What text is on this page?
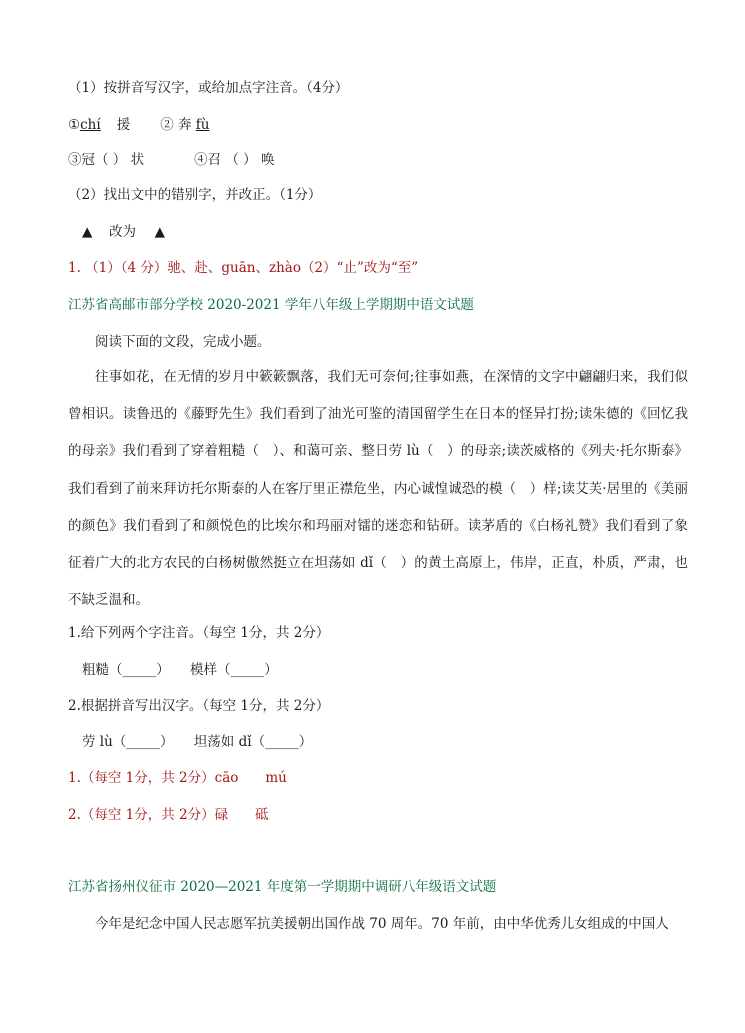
（1）按拼音写汉字，或给加点字注音。（4分）
①chí 援 ② 奔 fù
③冠（ ） 状	④召 （ ） 唤
（2）找出文中的错别字，并改正。（1分）
▲ 改为 ▲
1. （1）（4 分）驰、赴、guān、zhào（2）“止”改为“至”
江苏省高邮市部分学校 2020-2021 学年八年级上学期期中语文试题
阅读下面的文段，完成小题。
往事如花，在无情的岁月中簌簌飘落，我们无可奈何;往事如燕，在深情的文字中翩翩归来，我们似曾相识。读鲁迅的《藤野先生》我们看到了油光可鉴的清国留学生在日本的怪异打扮;读朱德的《回忆我的母亲》我们看到了穿着粗糙（　）、和蔼可亲、整日劳 lù（　）的母亲;读茨威格的《列夫·托尔斯泰》我们看到了前来拜访托尔斯泰的人在客厅里正襟危坐，内心诚惶诚恐的模（　）样;读艾芙·居里的《美丽的颜色》我们看到了和颜悦色的比埃尔和玛丽对镭的迷恋和钻研。读茅盾的《白杨礼赞》我们看到了象征着广大的北方农民的白杨树傲然挺立在坦荡如 dǐ（　）的黄土高原上，伟岸，正直，朴质，严肃，也不缺乏温和。
1.给下列两个字注音。（每空 1分，共 2分）
粗糙（_____）　　模样（_____）
2.根据拼音写出汉字。（每空 1分，共 2分）
劳 lù（_____）　　坦荡如 dǐ（_____）
1.（每空 1分，共 2分）cāo　　mú
2.（每空 1分，共 2分）碌　　砥
江苏省扬州仪征市 2020—2021 年度第一学期期中调研八年级语文试题
今年是纪念中国人民志愿军抗美援朝出国作战 70 周年。70 年前，由中华优秀儿女组成的中国人
